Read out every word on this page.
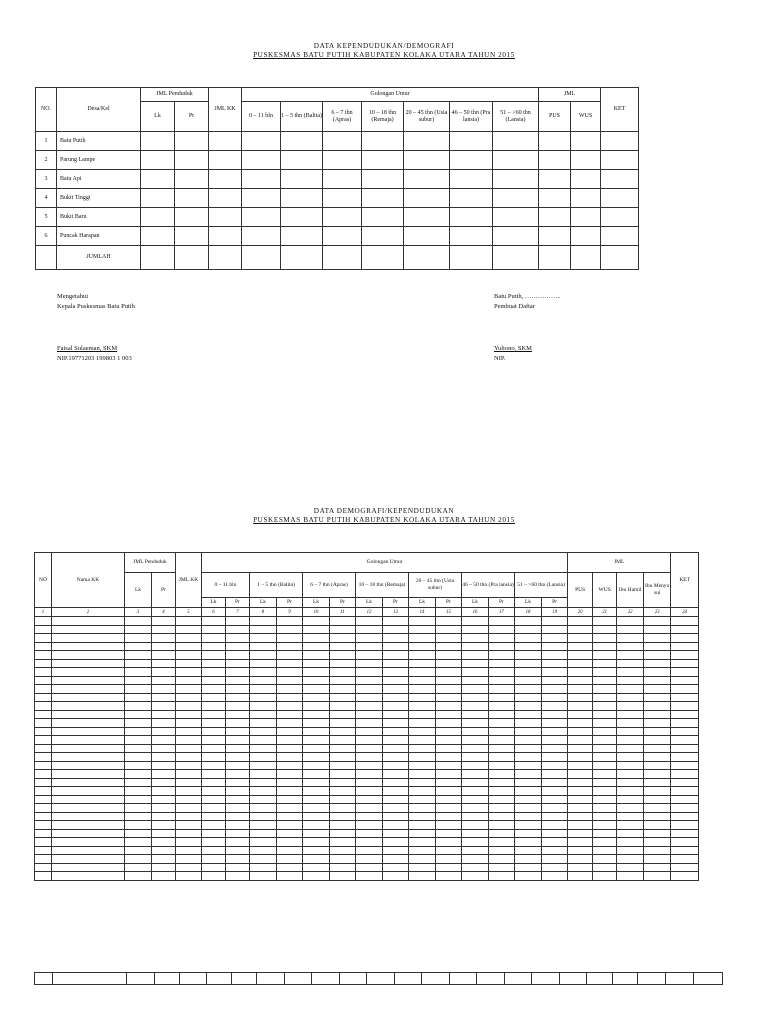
DATA KEPENDUDUKAN/DEMOGRAFI
PUSKESMAS BATU PUTIH KABUPATEN KOLAKA UTARA TAHUN 2015
NO.	Desa/Kel	JML Penduduk		JML KK	Golongan Umur							JML		KET
		Lk	Pr		0 – 11 bln	1 – 5 thn (Balita)	6 – 7 thn (Apras)	10 – 18 thn (Remaja)	20 – 45 thn (Usia subur)	46 – 50 thn (Pra lansia)	51 – >60 thn (Lansia)	PUS	WUS	
1	Batu Putih													
2	Parung Lampe													
3	Batu Api													
4	Bukit Tinggi													
5	Bukit Baru													
6	Puncak Harapan													
	JUMLAH													
Mengetahui
Kepala Puskesmas Batu Putih
Faisal Sulaeman, SKM
NIP.19771203 199803 1 003
Batu Putih, ……………..
Pembuat Daftar
Yuliono, SKM
NIP.
DATA DEMOGRAFI/KEPENDUDUKAN
PUSKESMAS BATU PUTIH KABUPATEN KOLAKA UTARA TAHUN 2015
NO	Nama KK	JML Penduduk		JML KK	Golongan Umur														JML				KET
		Lk	Pr		0 – 11 bln		1 – 5 thn (Balita)		6 – 7 thn (Apras)		10 – 18 thn (Remaja)		20 – 45 thn (Usia subur)		46 – 50 thn (Pra lansia)		51 – >60 thn (Lansia)		PUS	WUS	Ibu Hamil	Ibu Menyu sui	
					Lk	Pr	Lk	Pr	Lk	Pr	Lk	Pr	Lk	Pr	Lk	Pr	Lk	Pr					
1	2	3	4	5	6	7	8	9	10	11	12	13	14	15	16	17	18	19	20	21	22	23	24
